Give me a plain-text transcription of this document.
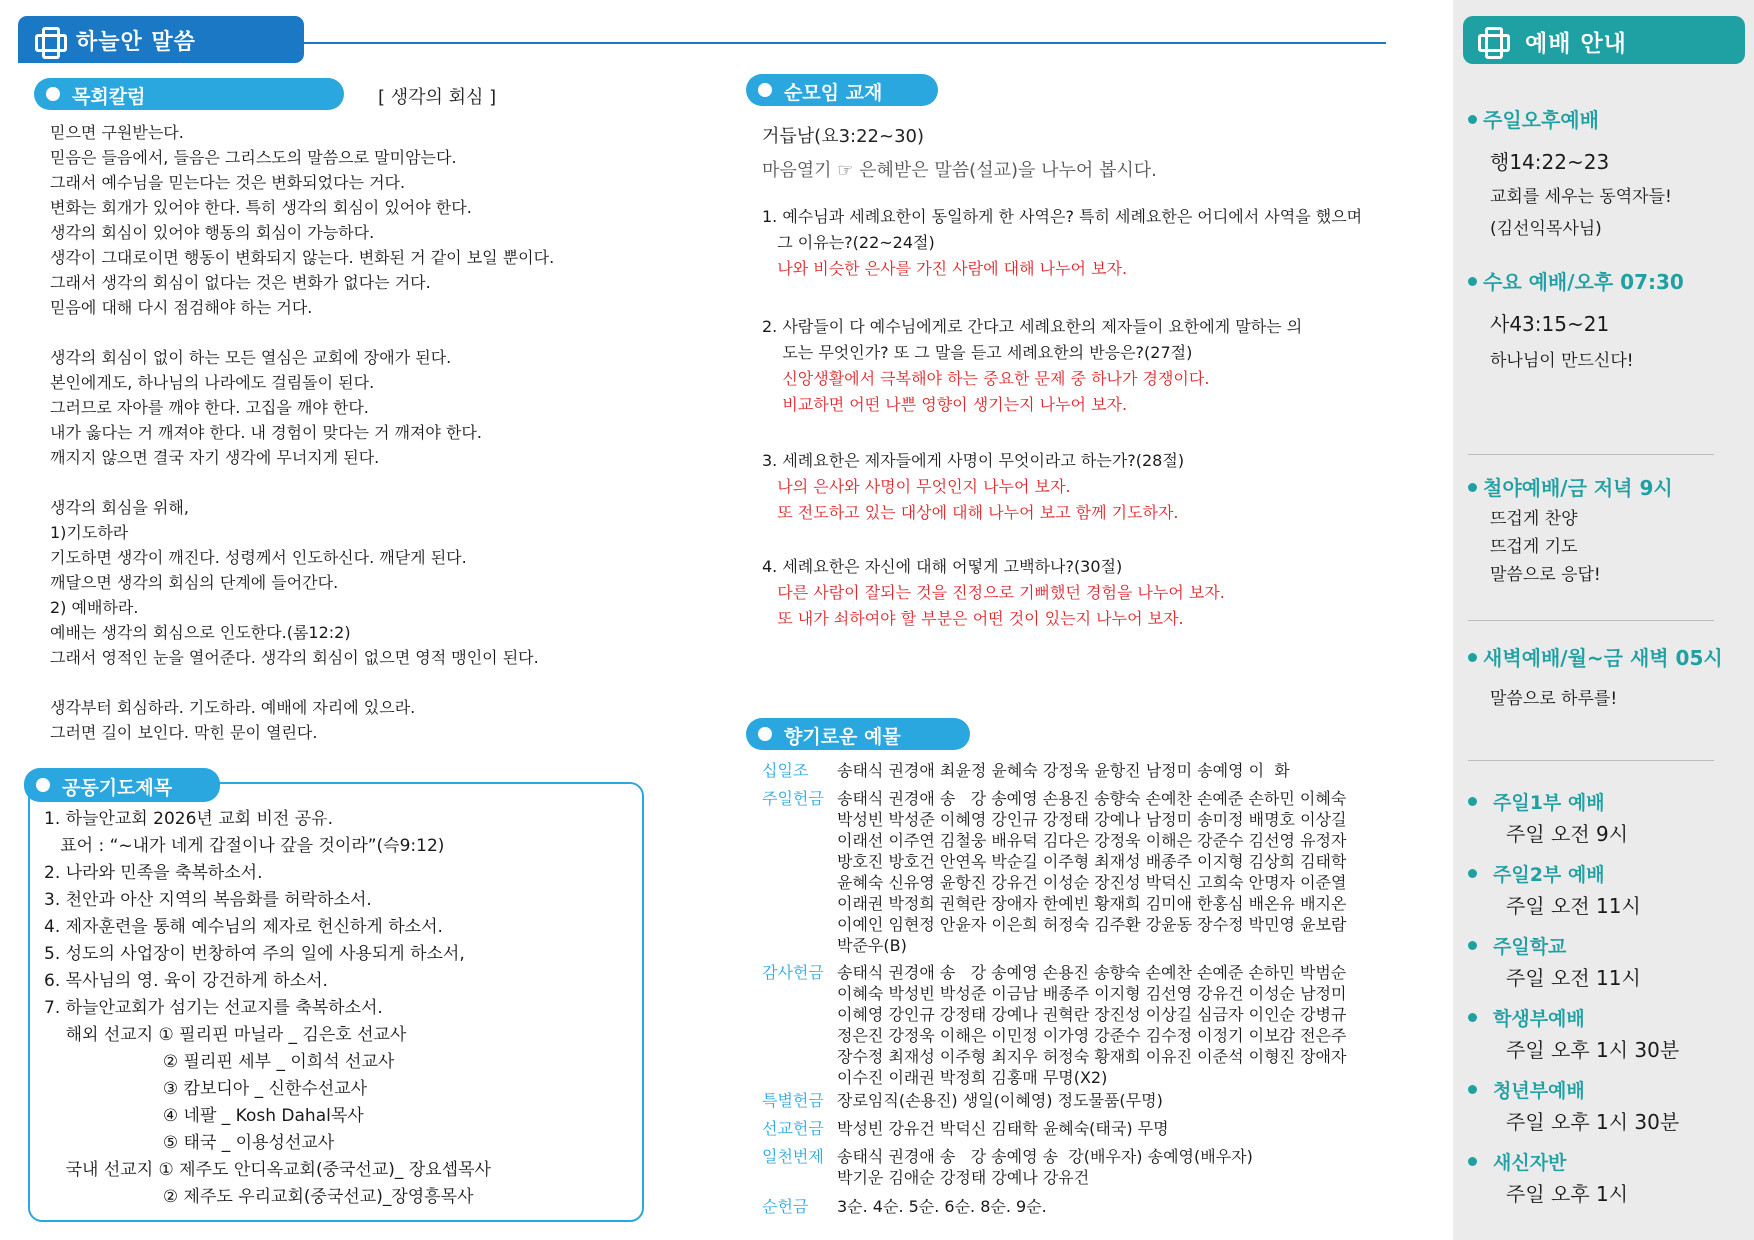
하늘안 말씀
목회칼럼	[ 생각의 회심 ]
믿으면 구원받는다.
믿음은 들음에서, 들음은 그리스도의 말씀으로 말미암는다.
그래서 예수님을 믿는다는 것은 변화되었다는 거다.
변화는 회개가 있어야 한다. 특히 생각의 회심이 있어야 한다.
생각의 회심이 있어야 행동의 회심이 가능하다.
생각이 그대로이면 행동이 변화되지 않는다. 변화된 거 같이 보일 뿐이다.
그래서 생각의 회심이 없다는 것은 변화가 없다는 거다.
믿음에 대해 다시 점검해야 하는 거다.
생각의 회심이 없이 하는 모든 열심은 교회에 장애가 된다.
본인에게도, 하나님의 나라에도 걸림돌이 된다.
그러므로 자아를 깨야 한다. 고집을 깨야 한다.
내가 옳다는 거 깨져야 한다. 내 경험이 맞다는 거 깨져야 한다.
깨지지 않으면 결국 자기 생각에 무너지게 된다.
생각의 회심을 위해,
1)기도하라
기도하면 생각이 깨진다. 성령께서 인도하신다. 깨닫게 된다.
깨달으면 생각의 회심의 단계에 들어간다.
2) 예배하라.
예배는 생각의 회심으로 인도한다.(롬12:2)
그래서 영적인 눈을 열어준다. 생각의 회심이 없으면 영적 맹인이 된다.
생각부터 회심하라. 기도하라. 예배에 자리에 있으라.
그러면 길이 보인다. 막힌 문이 열린다.
공동기도제목
1. 하늘안교회 2026년 교회 비전 공유.
표어 : “~내가 네게 갑절이나 갚을 것이라”(슥9:12)
2. 나라와 민족을 축복하소서.
3. 천안과 아산 지역의 복음화를 허락하소서.
4. 제자훈련을 통해 예수님의 제자로 헌신하게 하소서.
5. 성도의 사업장이 번창하여 주의 일에 사용되게 하소서,
6. 목사님의 영. 육이 강건하게 하소서.
7. 하늘안교회가 섬기는 선교지를 축복하소서.
해외 선교지 ① 필리핀 마닐라 _ 김은호 선교사
② 필리핀 세부 _ 이희석 선교사
③ 캄보디아 _ 신한수선교사
④ 네팔 _ Kosh Dahal목사
⑤ 태국 _ 이용성선교사
국내 선교지 ① 제주도 안디옥교회(중국선교)_ 장요셉목사
② 제주도 우리교회(중국선교)_장영흥목사
순모임 교재
거듭남(요3:22~30)
마음열기 ☞ 은혜받은 말씀(설교)을 나누어 봅시다.
1. 예수님과 세례요한이 동일하게 한 사역은? 특히 세례요한은 어디에서 사역을 했으며
그 이유는?(22~24절)
나와 비슷한 은사를 가진 사람에 대해 나누어 보자.
2. 사람들이 다 예수님에게로 간다고 세례요한의 제자들이 요한에게 말하는 의
도는 무엇인가? 또 그 말을 듣고 세례요한의 반응은?(27절)
신앙생활에서 극복해야 하는 중요한 문제 중 하나가 경쟁이다.
비교하면 어떤 나쁜 영향이 생기는지 나누어 보자.
3. 세례요한은 제자들에게 사명이 무엇이라고 하는가?(28절)
나의 은사와 사명이 무엇인지 나누어 보자.
또 전도하고 있는 대상에 대해 나누어 보고 함께 기도하자.
4. 세례요한은 자신에 대해 어떻게 고백하나?(30절)
다른 사람이 잘되는 것을 진정으로 기뻐했던 경험을 나누어 보자.
또 내가 쇠하여야 할 부분은 어떤 것이 있는지 나누어 보자.
향기로운 예물
십일조	송태식 권경애 최윤정 윤혜숙 강정욱 윤항진 남정미 송예영 이  화
주일헌금 송태식 권경애 송   강 송예영 손용진 송향숙 손예찬 손예준 손하민 이혜숙
박성빈 박성준 이혜영 강인규 강정태 강예나 남정미 송미정 배명호 이상길
이래선 이주연 김철웅 배유덕 김다은 강정욱 이해은 강준수 김선영 유정자
방호진 방호건 안연옥 박순길 이주형 최재성 배종주 이지형 김상희 김태학
윤혜숙 신유영 윤항진 강유건 이성순 장진성 박덕신 고희숙 안명자 이준열
이래권 박정희 권혁란 장애자 한예빈 황재희 김미애 한홍심 배온유 배지온
이예인 임현정 안윤자 이은희 허정숙 김주환 강윤동 장수정 박민영 윤보람
박준우(B)
감사헌금 송태식 권경애 송   강 송예영 손용진 송향숙 손예찬 손예준 손하민 박범순
이혜숙 박성빈 박성준 이금남 배종주 이지형 김선영 강유건 이성순 남정미
이혜영 강인규 강정태 강예나 권혁란 장진성 이상길 심금자 이인순 강병규
정은진 강정욱 이해은 이민정 이가영 강준수 김수정 이정기 이보감 전은주
장수정 최재성 이주형 최지우 허정숙 황재희 이유진 이준석 이형진 장애자
이수진 이래권 박정희 김홍매 무명(X2)
특별헌금 장로임직(손용진) 생일(이혜영) 정도물품(무명)
선교헌금 박성빈 강유건 박덕신 김태학 윤혜숙(태국) 무명
일천번제 송태식 권경애 송   강 송예영 송  강(배우자) 송예영(배우자)
박기운 김애순 강정태 강예나 강유건
순헌금	3순. 4순. 5순. 6순. 8순. 9순.
예배 안내
주일오후예배
행14:22~23
교회를 세우는 동역자들!
(김선익목사님)
수요 예배/오후 07:30
사43:15~21
하나님이 만드신다!
철야예배/금 저녁 9시
뜨겁게 찬양
뜨겁게 기도
말씀으로 응답!
새벽예배/월~금 새벽 05시
말씀으로 하루를!
주일1부 예배
주일 오전 9시
주일2부 예배
주일 오전 11시
주일학교
주일 오전 11시
학생부예배
주일 오후 1시 30분
청년부예배
주일 오후 1시 30분
새신자반
주일 오후 1시
